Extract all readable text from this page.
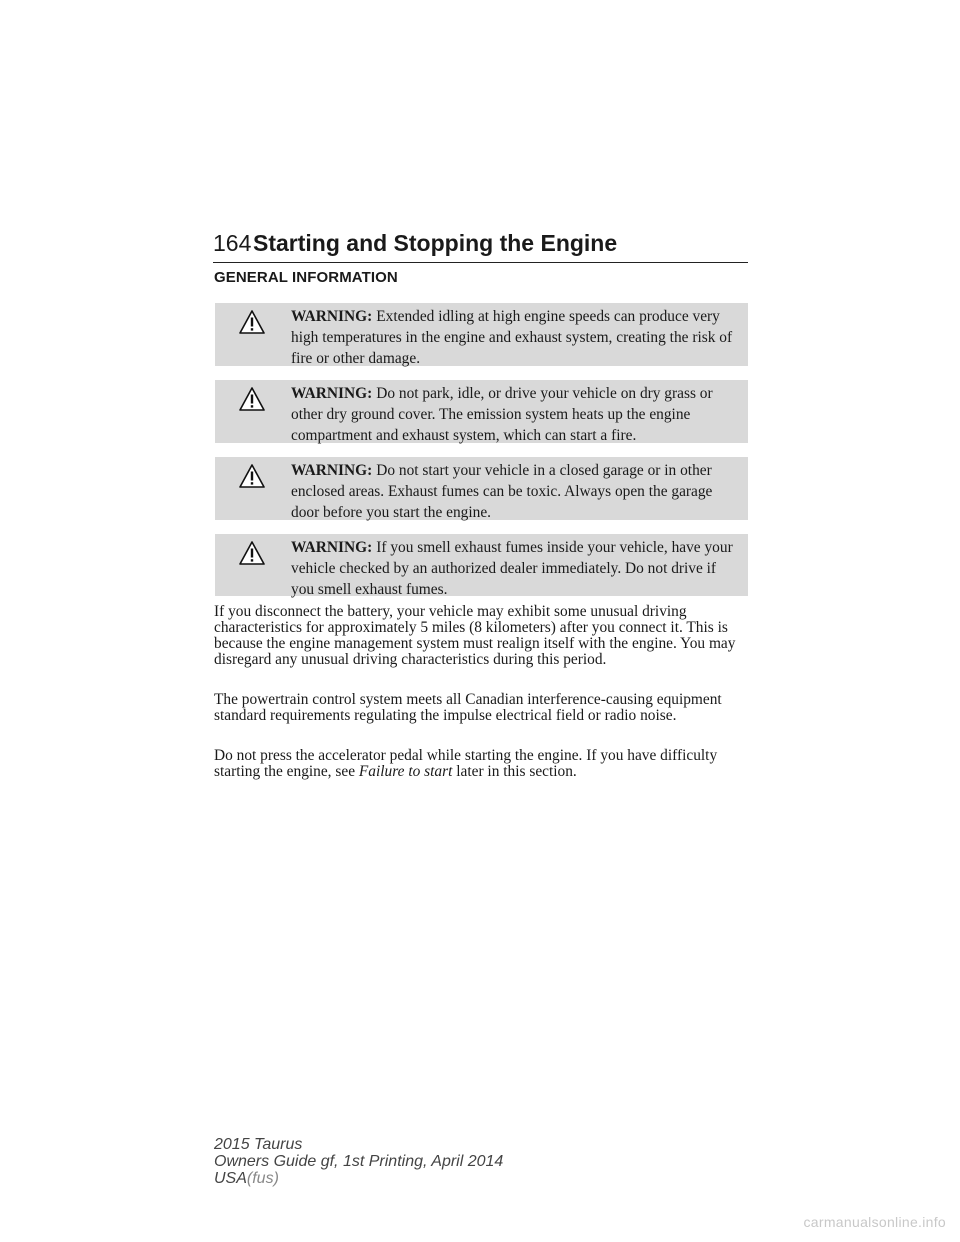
164 Starting and Stopping the Engine
GENERAL INFORMATION
WARNING: Extended idling at high engine speeds can produce very high temperatures in the engine and exhaust system, creating the risk of fire or other damage.
WARNING: Do not park, idle, or drive your vehicle on dry grass or other dry ground cover. The emission system heats up the engine compartment and exhaust system, which can start a fire.
WARNING: Do not start your vehicle in a closed garage or in other enclosed areas. Exhaust fumes can be toxic. Always open the garage door before you start the engine.
WARNING: If you smell exhaust fumes inside your vehicle, have your vehicle checked by an authorized dealer immediately. Do not drive if you smell exhaust fumes.

If you disconnect the battery, your vehicle may exhibit some unusual driving characteristics for approximately 5 miles (8 kilometers) after you connect it. This is because the engine management system must realign itself with the engine. You may disregard any unusual driving characteristics during this period.

The powertrain control system meets all Canadian interference-causing equipment standard requirements regulating the impulse electrical field or radio noise.

Do not press the accelerator pedal while starting the engine. If you have difficulty starting the engine, see Failure to start later in this section.

2015 Taurus
Owners Guide gf, 1st Printing, April 2014
USA(fus)
carmanualsonline.info
